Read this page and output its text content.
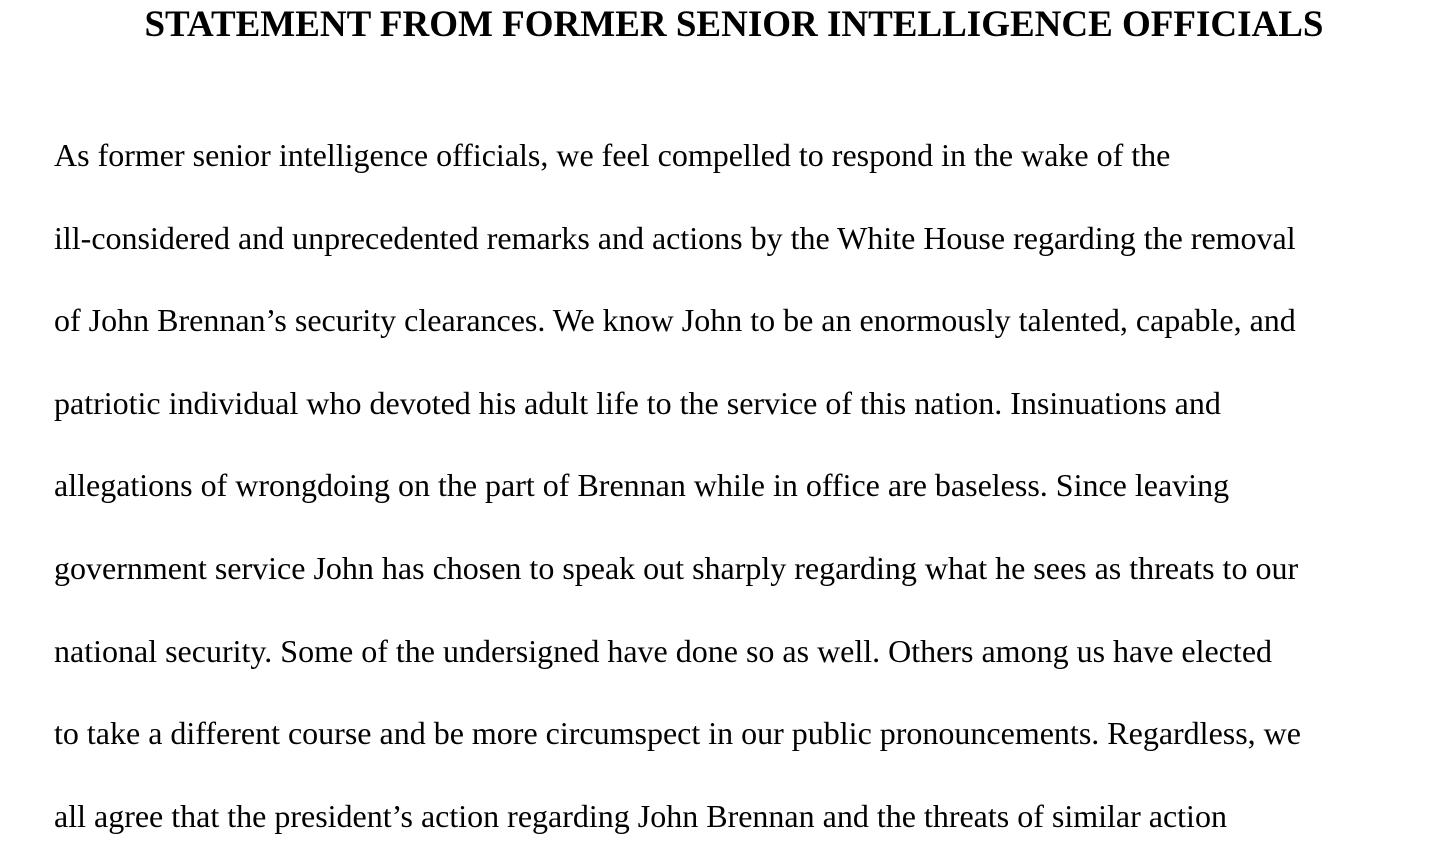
STATEMENT FROM FORMER SENIOR INTELLIGENCE OFFICIALS
As former senior intelligence officials, we feel compelled to respond in the wake of the
ill-considered and unprecedented remarks and actions by the White House regarding the removal
of John Brennan’s security clearances. We know John to be an enormously talented, capable, and
patriotic individual who devoted his adult life to the service of this nation. Insinuations and
allegations of wrongdoing on the part of Brennan while in office are baseless. Since leaving
government service John has chosen to speak out sharply regarding what he sees as threats to our
national security. Some of the undersigned have done so as well. Others among us have elected
to take a different course and be more circumspect in our public pronouncements. Regardless, we
all agree that the president’s action regarding John Brennan and the threats of similar action
